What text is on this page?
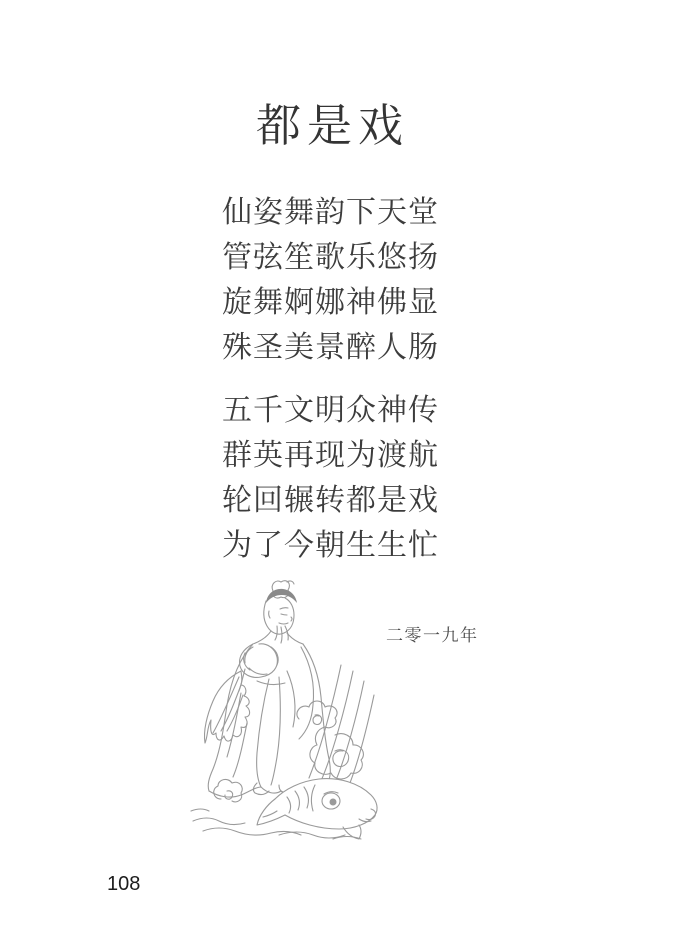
都是戏
仙姿舞韵下天堂
管弦笙歌乐悠扬
旋舞婀娜神佛显
殊圣美景醉人肠
五千文明众神传
群英再现为渡航
轮回辗转都是戏
为了今朝生生忙
二零一九年
108
